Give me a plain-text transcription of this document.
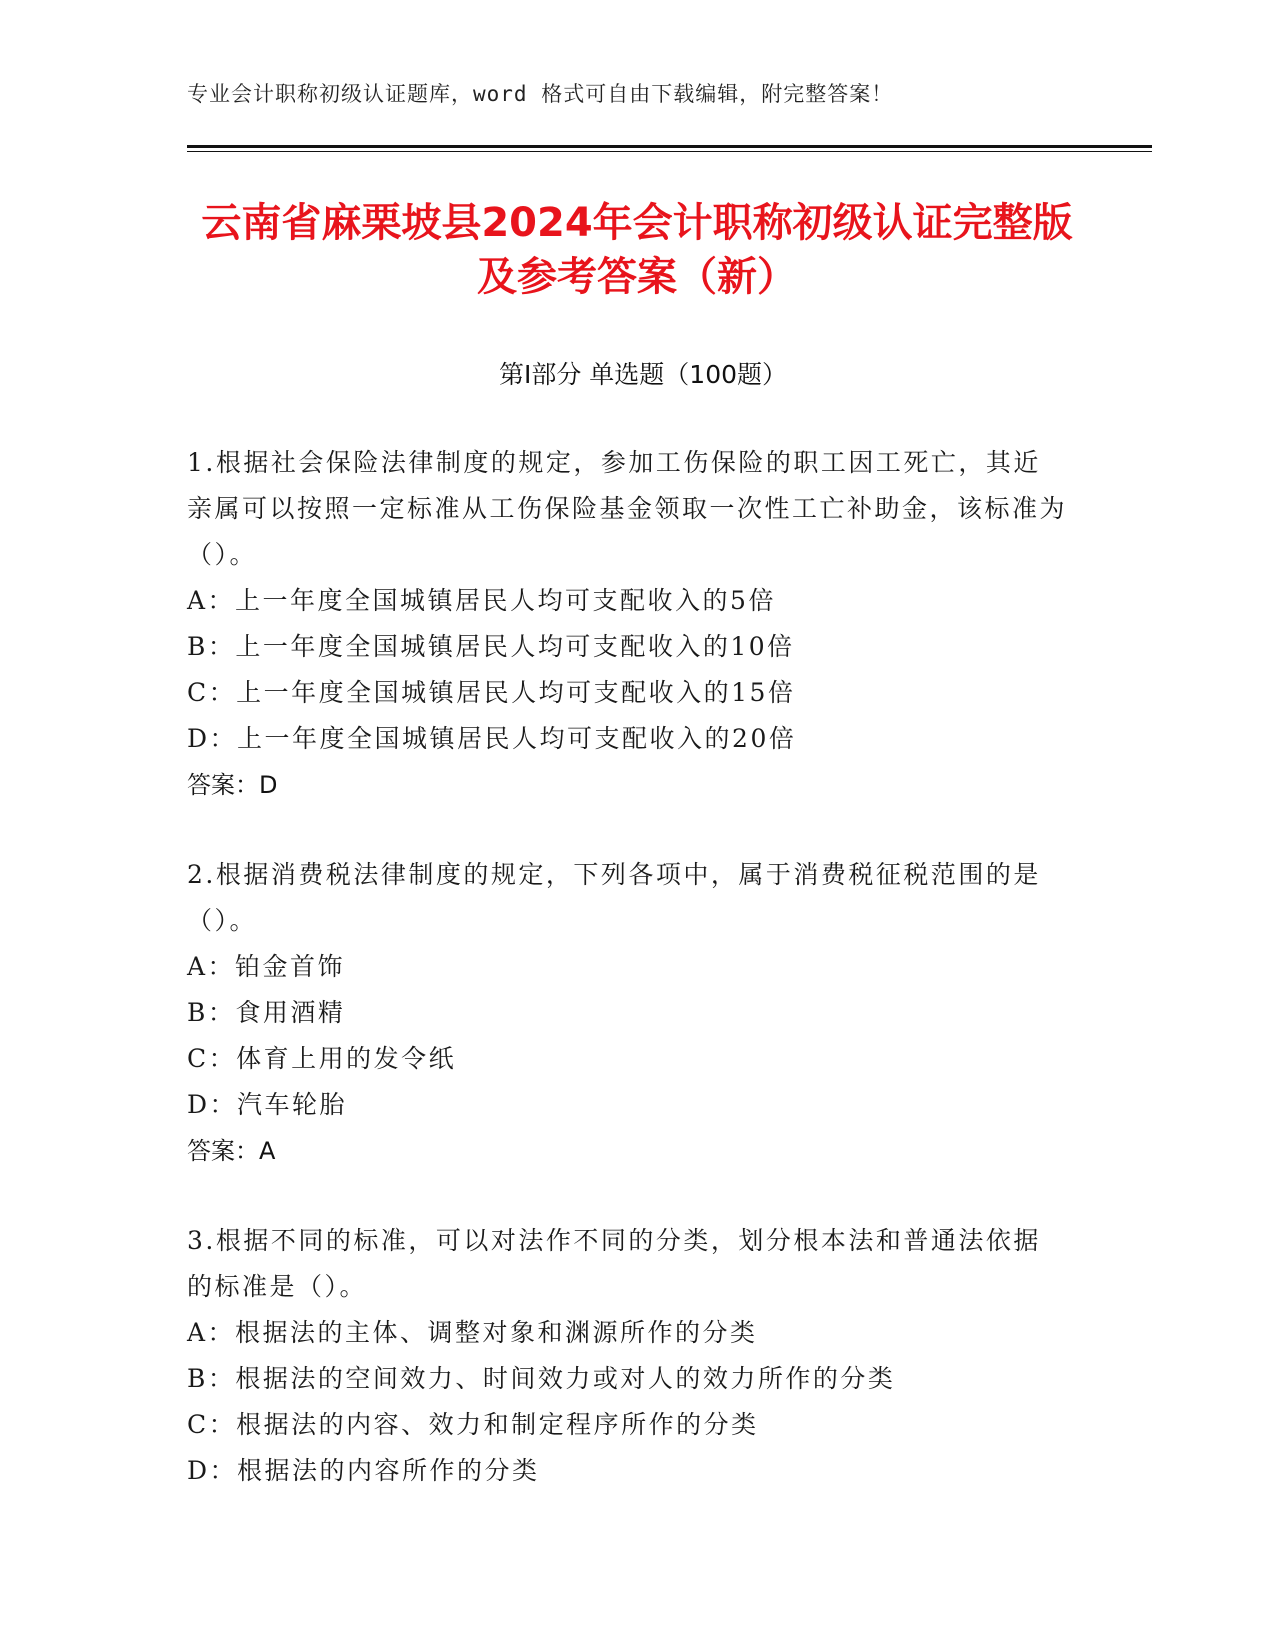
专业会计职称初级认证题库，word 格式可自由下载编辑，附完整答案！
云南省麻栗坡县2024年会计职称初级认证完整版及参考答案（新）
第Ⅰ部分 单选题（100题）

1.根据社会保险法律制度的规定，参加工伤保险的职工因工死亡，其近亲属可以按照一定标准从工伤保险基金领取一次性工亡补助金，该标准为（）。

A：上一年度全国城镇居民人均可支配收入的5倍

B：上一年度全国城镇居民人均可支配收入的10倍

C：上一年度全国城镇居民人均可支配收入的15倍

D：上一年度全国城镇居民人均可支配收入的20倍

答案：D

2.根据消费税法律制度的规定，下列各项中，属于消费税征税范围的是（）。

A：铂金首饰

B：食用酒精

C：体育上用的发令纸

D：汽车轮胎

答案：A

3.根据不同的标准，可以对法作不同的分类，划分根本法和普通法依据的标准是（）。

A：根据法的主体、调整对象和渊源所作的分类

B：根据法的空间效力、时间效力或对人的效力所作的分类

C：根据法的内容、效力和制定程序所作的分类

D：根据法的内容所作的分类
